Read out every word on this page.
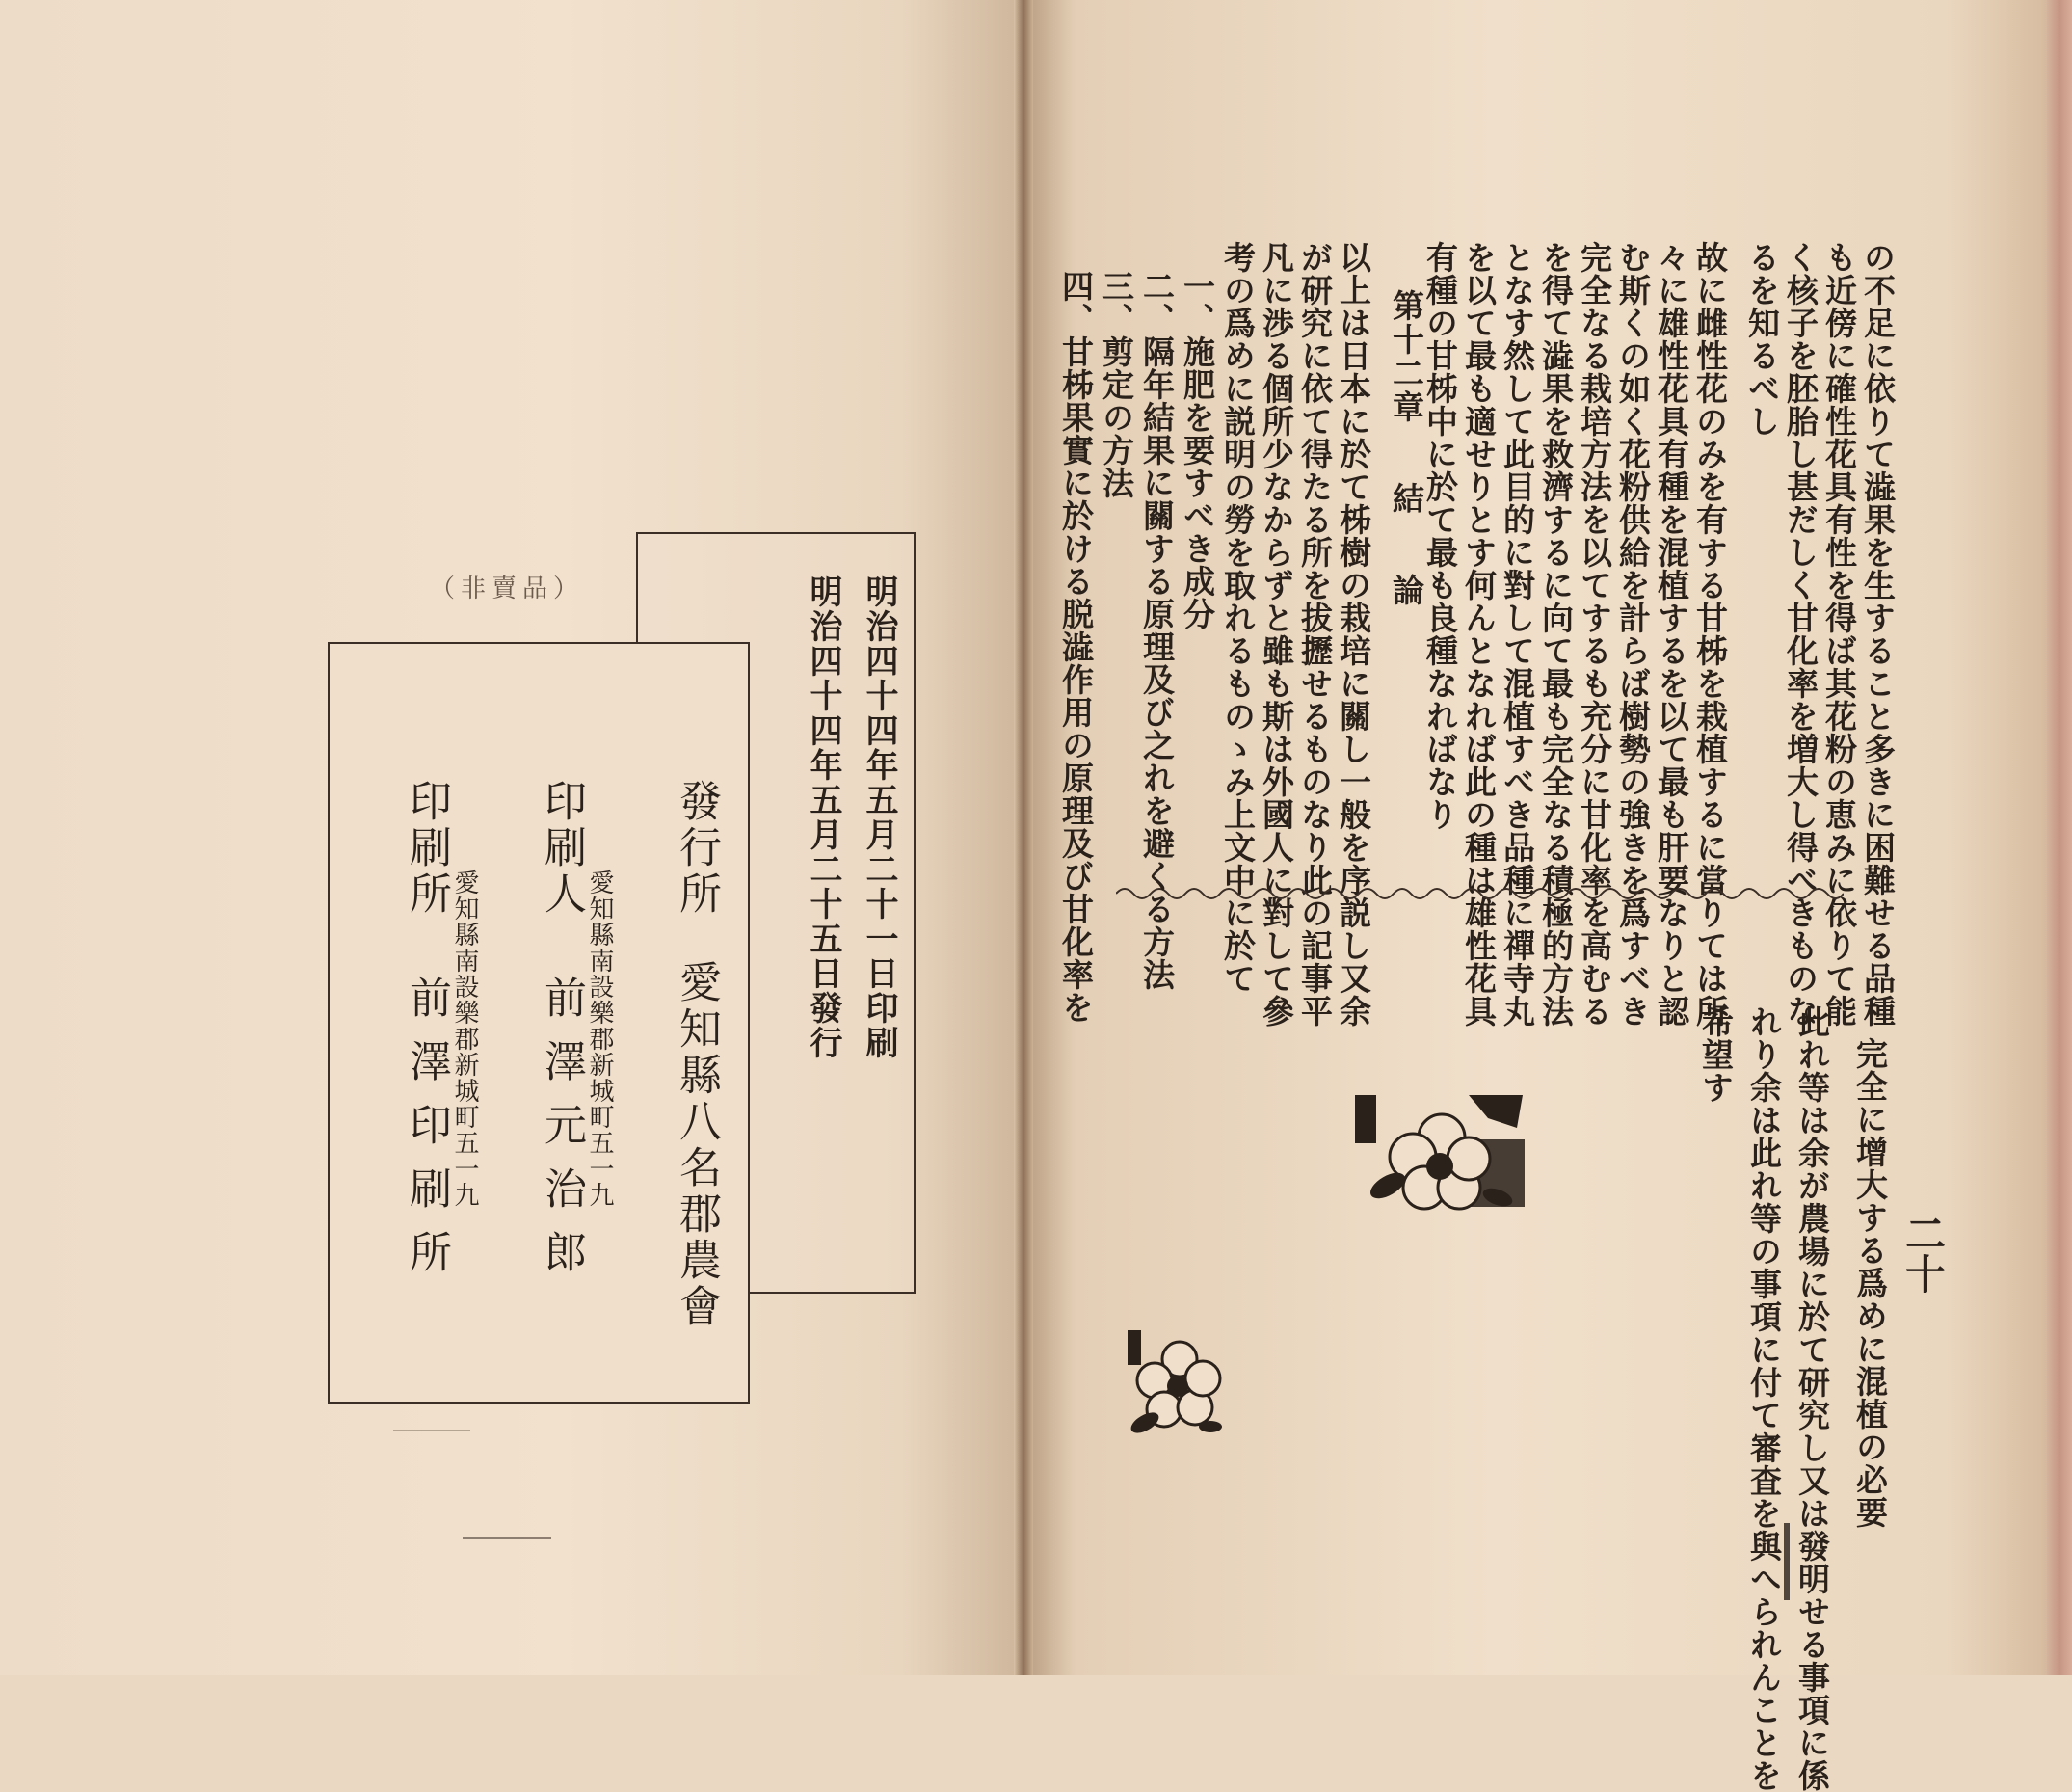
（非賣品）	明治四十四年五月二十一日印刷
明治四十四年五月二十五日發行
發行所愛知縣八名郡農會
印刷人前澤元治郎 愛知縣南設樂郡新城町五一九
印刷所前澤印刷所 愛知縣南設樂郡新城町五一九
の不足に依りて澁果を生すること多きに困難せる品種
も近傍に確性花具有性を得ば其花粉の恵みに依りて能
く核子を胚胎し甚だしく甘化率を増大し得べきものな
るを知るべし
故に雌性花のみを有する甘柹を栽植するに當りては所
々に雄性花具有種を混植するを以て最も肝要なりと認
む斯くの如く花粉供給を計らば樹勢の強きを爲すべき
完全なる栽培方法を以てするも充分に甘化率を高むる
を得て澁果を救濟するに向て最も完全なる積極的方法
となす然して此目的に對して混植すべき品種に禪寺丸
を以て最も適せりとす何んとなれば此の種は雄性花具
有種の甘柹中に於て最も良種なればなり
第十二章結論
以上は日本に於て柹樹の栽培に關し一般を序説し又余
が研究に依て得たる所を拔攊せるものなり此の記事平
凡に渉る個所少なからずと雖も斯は外國人に對して參
考の爲めに説明の勞を取れるものゝみ上文中に於て
一、施肥を要すべき成分
完全に增大する爲めに混植の必要
此れ等は余が農場に於て研究し又は發明せる事項に係
れり余は此れ等の事項に付て審査を與へられんことを
希望す
二十
二、隔年結果に關する原理及び之れを避くる方法
三、剪定の方法
四、甘柹果實に於ける脱澁作用の原理及び甘化率を
